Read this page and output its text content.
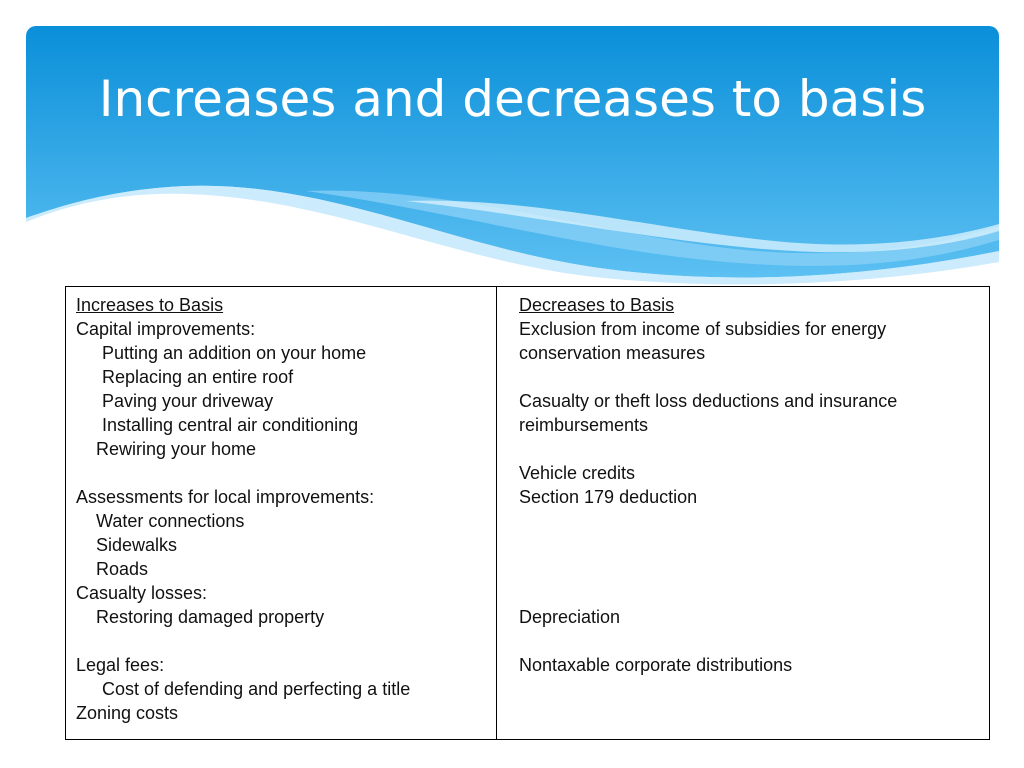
Increases and decreases to basis
Increases to Basis
Capital improvements:
Putting an addition on your home
Replacing an entire roof
Paving your driveway
Installing central air conditioning
Rewiring your home
Assessments for local improvements:
Water connections
Sidewalks
Roads
Casualty losses:
Restoring damaged property
Legal fees:
Cost of defending and perfecting a title
Zoning costs

Decreases to Basis
Exclusion from income of subsidies for energy
conservation measures
Casualty or theft loss deductions and insurance
reimbursements
Vehicle credits
Section 179 deduction
Depreciation
Nontaxable corporate distributions
